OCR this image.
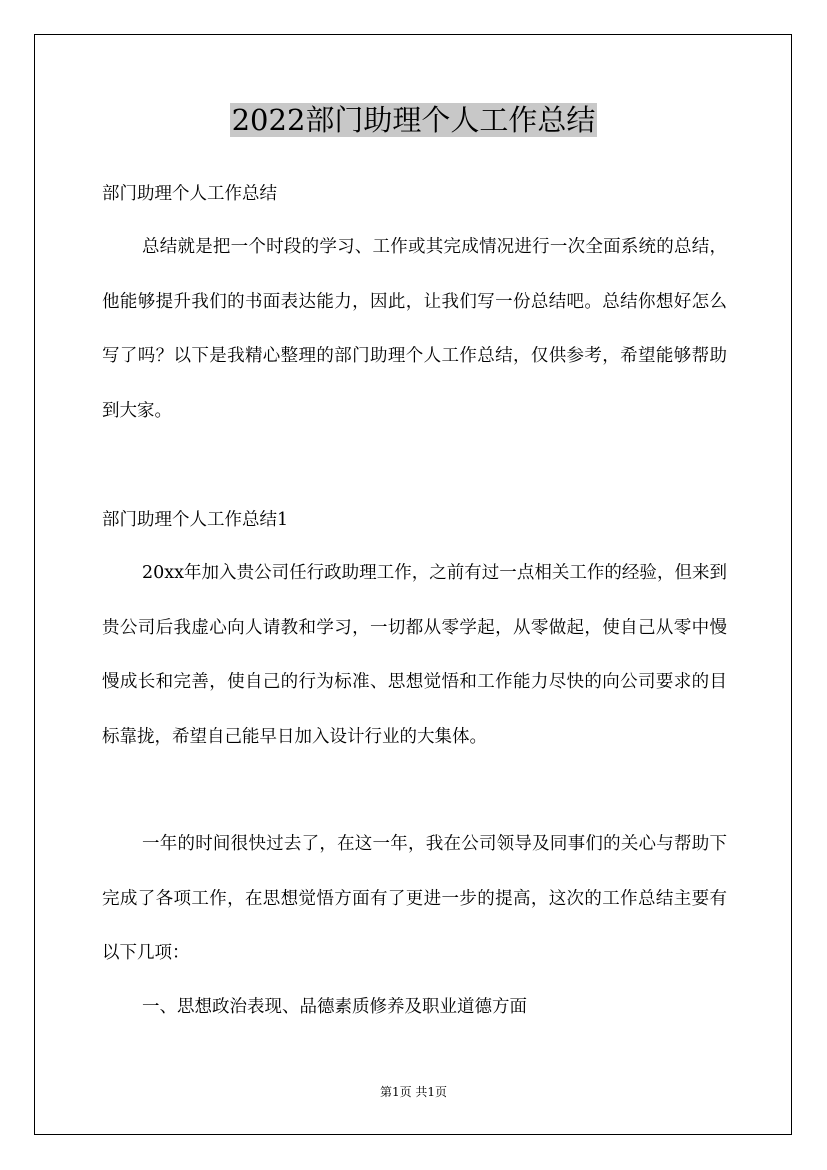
2022部门助理个人工作总结
部门助理个人工作总结
总结就是把一个时段的学习、工作或其完成情况进行一次全面系统的总结，他能够提升我们的书面表达能力，因此，让我们写一份总结吧。总结你想好怎么写了吗？以下是我精心整理的部门助理个人工作总结，仅供参考，希望能够帮助到大家。
部门助理个人工作总结1
20xx年加入贵公司任行政助理工作，之前有过一点相关工作的经验，但来到贵公司后我虚心向人请教和学习，一切都从零学起，从零做起，使自己从零中慢慢成长和完善，使自己的行为标准、思想觉悟和工作能力尽快的向公司要求的目标靠拢，希望自己能早日加入设计行业的大集体。
一年的时间很快过去了，在这一年，我在公司领导及同事们的关心与帮助下完成了各项工作，在思想觉悟方面有了更进一步的提高，这次的工作总结主要有以下几项：
一、思想政治表现、品德素质修养及职业道德方面
第1页 共1页
